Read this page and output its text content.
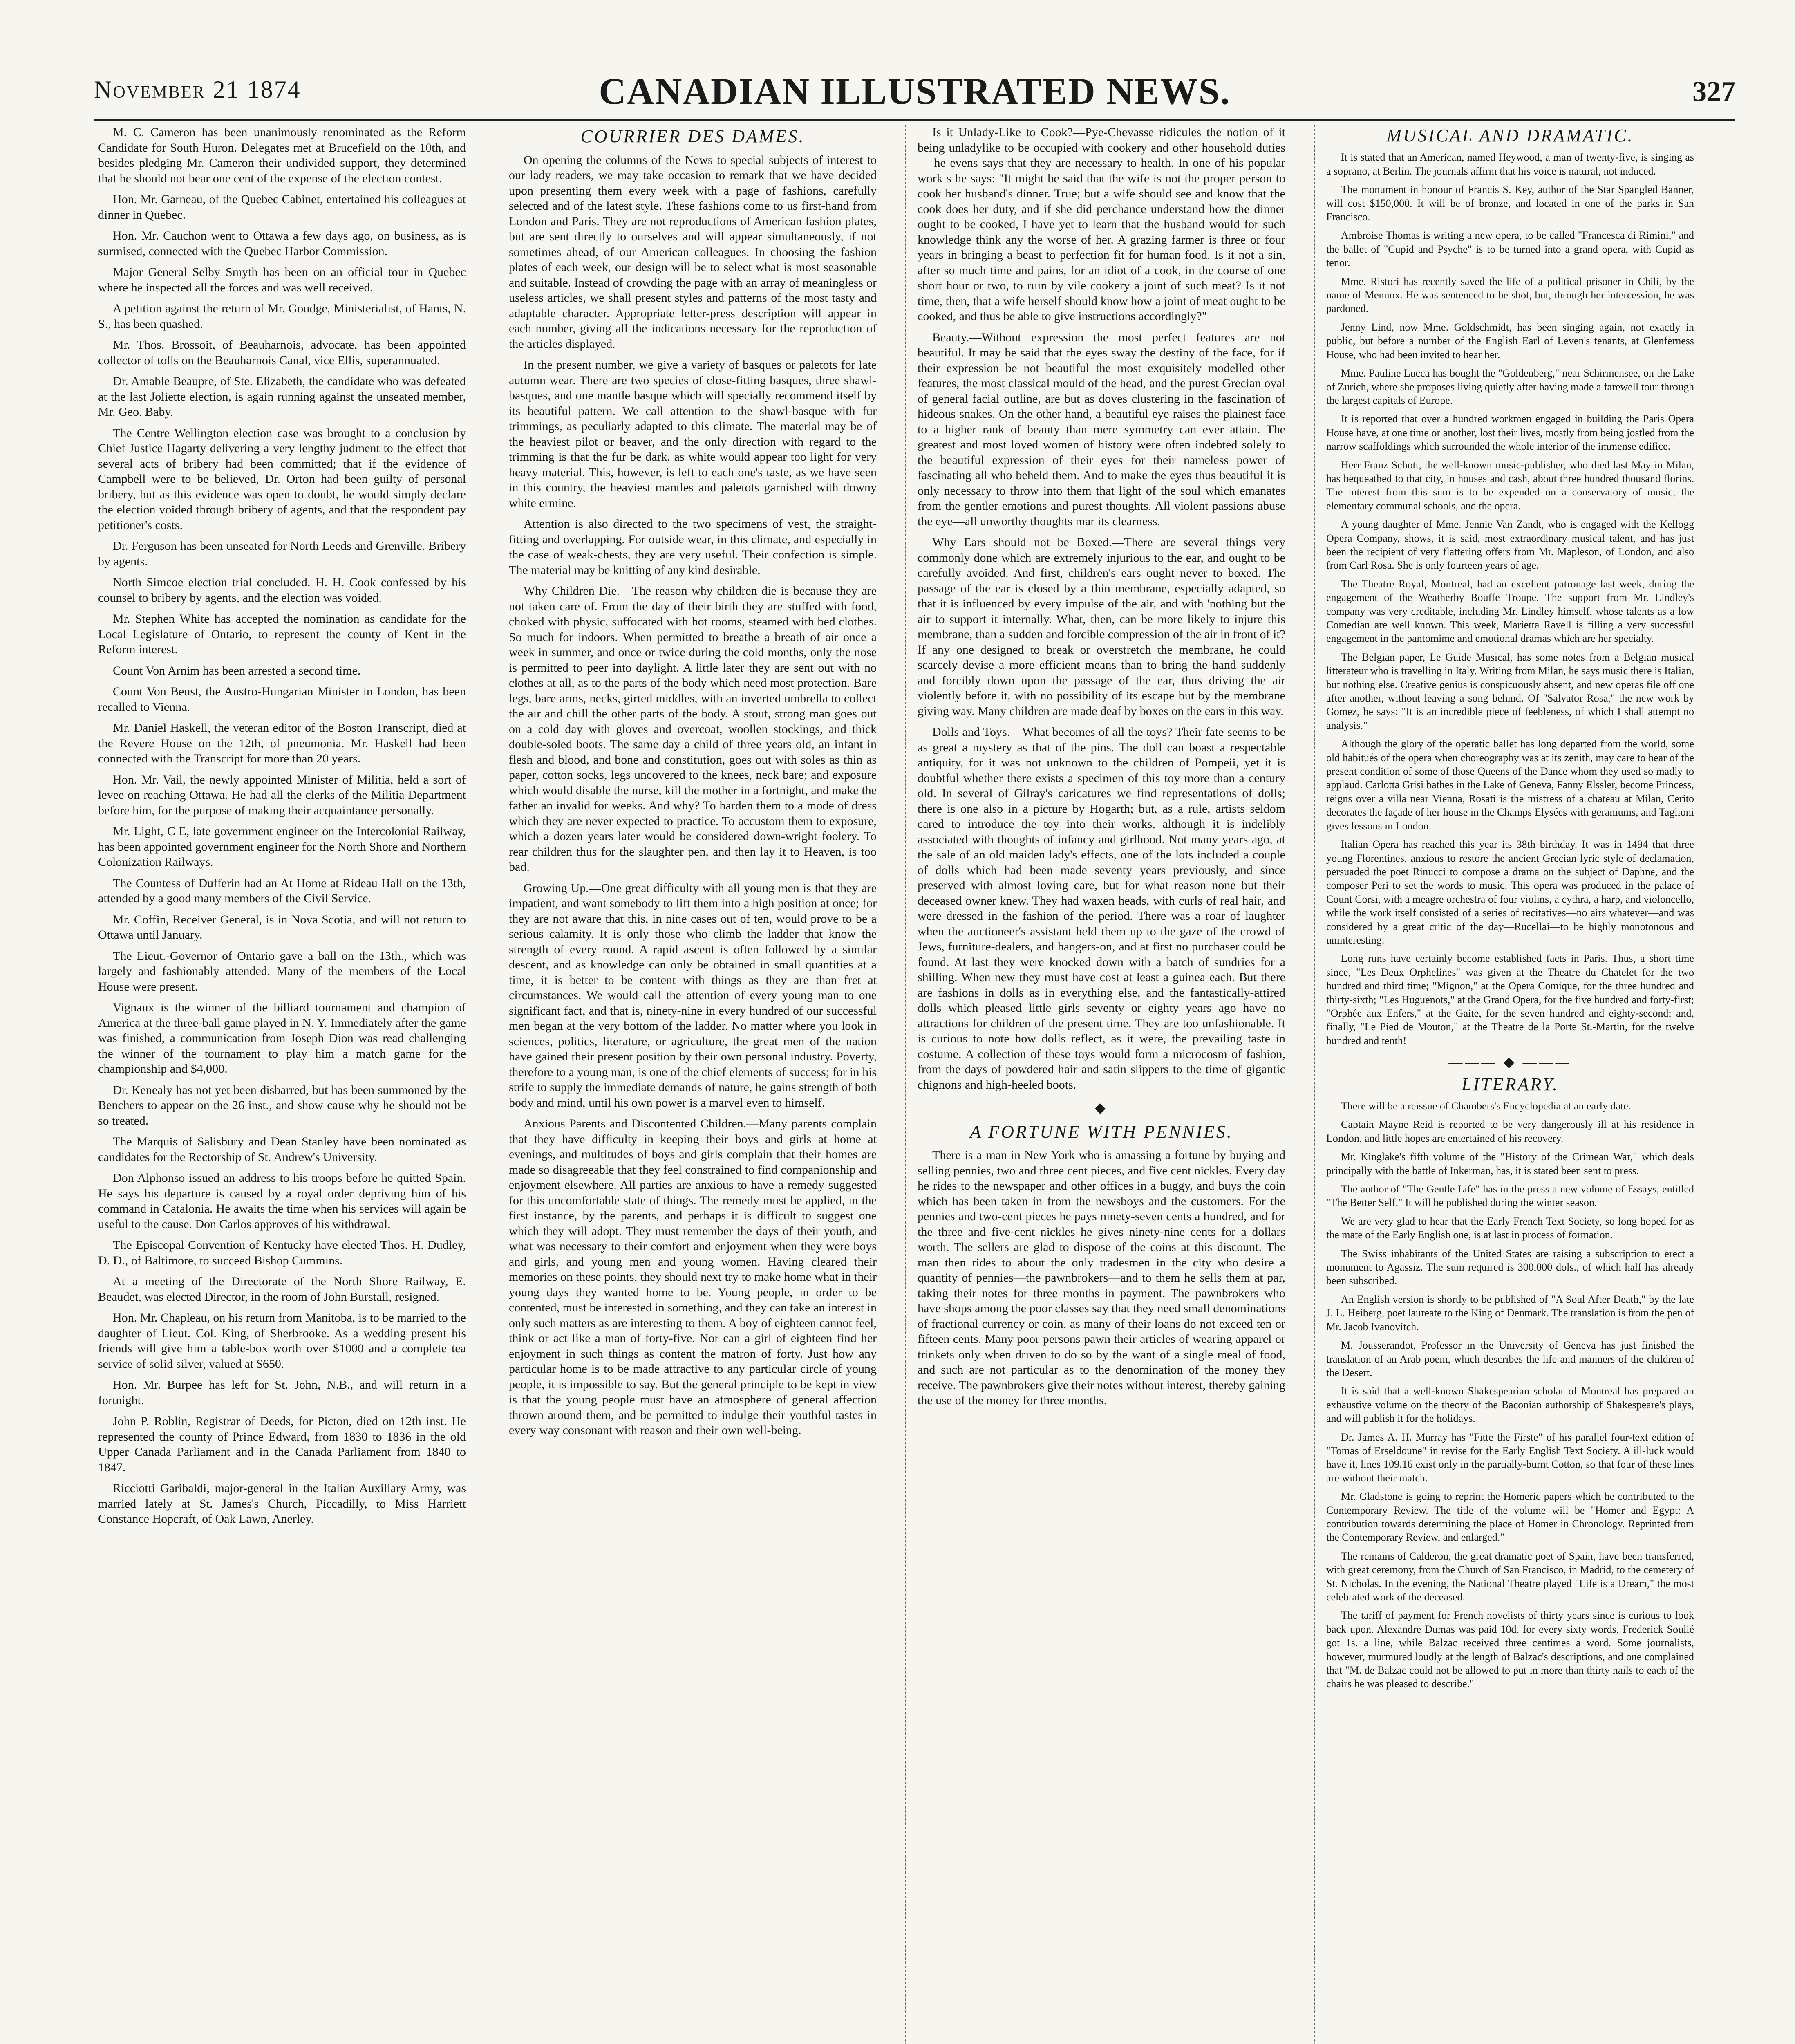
November 21 1874	CANADIAN ILLUSTRATED NEWS.	327

M. C. Cameron has been unanimously renominated as the Reform Candidate for South Huron. Delegates met at Brucefield on the 10th, and besides pledging Mr. Cameron their undivided support, they determined that he should not bear one cent of the expense of the election contest.

Hon. Mr. Garneau, of the Quebec Cabinet, entertained his colleagues at dinner in Quebec.

Hon. Mr. Cauchon went to Ottawa a few days ago, on business, as is surmised, connected with the Quebec Harbor Commission.

Major General Selby Smyth has been on an official tour in Quebec where he inspected all the forces and was well received.

A petition against the return of Mr. Goudge, Ministerialist, of Hants, N. S., has been quashed.

Mr. Thos. Brossoit, of Beauharnois, advocate, has been appointed collector of tolls on the Beauharnois Canal, vice Ellis, superannuated.

Dr. Amable Beaupre, of Ste. Elizabeth, the candidate who was defeated at the last Joliette election, is again running against the unseated member, Mr. Geo. Baby.

The Centre Wellington election case was brought to a conclusion by Chief Justice Hagarty delivering a very lengthy judment to the effect that several acts of bribery had been committed; that if the evidence of Campbell were to be believed, Dr. Orton had been guilty of personal bribery, but as this evidence was open to doubt, he would simply declare the election voided through bribery of agents, and that the respondent pay petitioner's costs.

Dr. Ferguson has been unseated for North Leeds and Grenville. Bribery by agents.

North Simcoe election trial concluded. H. H. Cook confessed by his counsel to bribery by agents, and the election was voided.

Mr. Stephen White has accepted the nomination as candidate for the Local Legislature of Ontario, to represent the county of Kent in the Reform interest.

Count Von Arnim has been arrested a second time.

Count Von Beust, the Austro-Hungarian Minister in London, has been recalled to Vienna.

Mr. Daniel Haskell, the veteran editor of the Boston Transcript, died at the Revere House on the 12th, of pneumonia. Mr. Haskell had been connected with the Transcript for more than 20 years.

Hon. Mr. Vail, the newly appointed Minister of Militia, held a sort of levee on reaching Ottawa. He had all the clerks of the Militia Department before him, for the purpose of making their acquaintance personally.

Mr. Light, C E, late government engineer on the Intercolonial Railway, has been appointed government engineer for the North Shore and Northern Colonization Railways.

The Countess of Dufferin had an At Home at Rideau Hall on the 13th, attended by a good many members of the Civil Service.

Mr. Coffin, Receiver General, is in Nova Scotia, and will not return to Ottawa until January.

The Lieut.-Governor of Ontario gave a ball on the 13th., which was largely and fashionably attended. Many of the members of the Local House were present.

Vignaux is the winner of the billiard tournament and champion of America at the three-ball game played in N. Y. Immediately after the game was finished, a communication from Joseph Dion was read challenging the winner of the tournament to play him a match game for the championship and $4,000.

Dr. Kenealy has not yet been disbarred, but has been summoned by the Benchers to appear on the 26 inst., and show cause why he should not be so treated.

The Marquis of Salisbury and Dean Stanley have been nominated as candidates for the Rectorship of St. Andrew's University.

Don Alphonso issued an address to his troops before he quitted Spain. He says his departure is caused by a royal order depriving him of his command in Catalonia. He awaits the time when his services will again be useful to the cause. Don Carlos approves of his withdrawal.

The Episcopal Convention of Kentucky have elected Thos. H. Dudley, D. D., of Baltimore, to succeed Bishop Cummins.

At a meeting of the Directorate of the North Shore Railway, E. Beaudet, was elected Director, in the room of John Burstall, resigned.

Hon. Mr. Chapleau, on his return from Manitoba, is to be married to the daughter of Lieut. Col. King, of Sherbrooke. As a wedding present his friends will give him a table-box worth over $1000 and a complete tea service of solid silver, valued at $650.

Hon. Mr. Burpee has left for St. John, N.B., and will return in a fortnight.

John P. Roblin, Registrar of Deeds, for Picton, died on 12th inst. He represented the county of Prince Edward, from 1830 to 1836 in the old Upper Canada Parliament and in the Canada Parliament from 1840 to 1847.

Ricciotti Garibaldi, major-general in the Italian Auxiliary Army, was married lately at St. James's Church, Piccadilly, to Miss Harriett Constance Hopcraft, of Oak Lawn, Anerley.

COURRIER DES DAMES.

On opening the columns of the News to special subjects of interest to our lady readers, we may take occasion to remark that we have decided upon presenting them every week with a page of fashions, carefully selected and of the latest style. These fashions come to us first-hand from London and Paris. They are not reproductions of American fashion plates, but are sent directly to ourselves and will appear simultaneously, if not sometimes ahead, of our American colleagues. In choosing the fashion plates of each week, our design will be to select what is most seasonable and suitable. Instead of crowding the page with an array of meaningless or useless articles, we shall present styles and patterns of the most tasty and adaptable character. Appropriate letter-press description will appear in each number, giving all the indications necessary for the reproduction of the articles displayed.

In the present number, we give a variety of basques or paletots for late autumn wear. There are two species of close-fitting basques, three shawl-basques, and one mantle basque which will specially recommend itself by its beautiful pattern. We call attention to the shawl-basque with fur trimmings, as peculiarly adapted to this climate. The material may be of the heaviest pilot or beaver, and the only direction with regard to the trimming is that the fur be dark, as white would appear too light for very heavy material. This, however, is left to each one's taste, as we have seen in this country, the heaviest mantles and paletots garnished with downy white ermine.

Attention is also directed to the two specimens of vest, the straight-fitting and overlapping. For outside wear, in this climate, and especially in the case of weak-chests, they are very useful. Their confection is simple. The material may be knitting of any kind desirable.

Why Children Die.—The reason why children die is because they are not taken care of. From the day of their birth they are stuffed with food, choked with physic, suffocated with hot rooms, steamed with bed clothes. So much for indoors. When permitted to breathe a breath of air once a week in summer, and once or twice during the cold months, only the nose is permitted to peer into daylight. A little later they are sent out with no clothes at all, as to the parts of the body which need most protection. Bare legs, bare arms, necks, girted middles, with an inverted umbrella to collect the air and chill the other parts of the body. A stout, strong man goes out on a cold day with gloves and overcoat, woollen stockings, and thick double-soled boots. The same day a child of three years old, an infant in flesh and blood, and bone and constitution, goes out with soles as thin as paper, cotton socks, legs uncovered to the knees, neck bare; and exposure which would disable the nurse, kill the mother in a fortnight, and make the father an invalid for weeks. And why? To harden them to a mode of dress which they are never expected to practice. To accustom them to exposure, which a dozen years later would be considered down-wright foolery. To rear children thus for the slaughter pen, and then lay it to Heaven, is too bad.

Growing Up.—One great difficulty with all young men is that they are impatient, and want somebody to lift them into a high position at once; for they are not aware that this, in nine cases out of ten, would prove to be a serious calamity. It is only those who climb the ladder that know the strength of every round. A rapid ascent is often followed by a similar descent, and as knowledge can only be obtained in small quantities at a time, it is better to be content with things as they are than fret at circumstances. We would call the attention of every young man to one significant fact, and that is, ninety-nine in every hundred of our successful men began at the very bottom of the ladder. No matter where you look in sciences, politics, literature, or agriculture, the great men of the nation have gained their present position by their own personal industry. Poverty, therefore to a young man, is one of the chief elements of success; for in his strife to supply the immediate demands of nature, he gains strength of both body and mind, until his own power is a marvel even to himself.

Anxious Parents and Discontented Children.—Many parents complain that they have difficulty in keeping their boys and girls at home at evenings, and multitudes of boys and girls complain that their homes are made so disagreeable that they feel constrained to find companionship and enjoyment elsewhere. All parties are anxious to have a remedy suggested for this uncomfortable state of things. The remedy must be applied, in the first instance, by the parents, and perhaps it is difficult to suggest one which they will adopt. They must remember the days of their youth, and what was necessary to their comfort and enjoyment when they were boys and girls, and young men and young women. Having cleared their memories on these points, they should next try to make home what in their young days they wanted home to be. Young people, in order to be contented, must be interested in something, and they can take an interest in only such matters as are interesting to them. A boy of eighteen cannot feel, think or act like a man of forty-five. Nor can a girl of eighteen find her enjoyment in such things as content the matron of forty. Just how any particular home is to be made attractive to any particular circle of young people, it is impossible to say. But the general principle to be kept in view is that the young people must have an atmosphere of general affection thrown around them, and be permitted to indulge their youthful tastes in every way consonant with reason and their own well-being.

Is it Unlady-Like to Cook?—Pye-Chevasse ridicules the notion of it being unladylike to be occupied with cookery and other household duties — he evens says that they are necessary to health. In one of his popular work s he says: "It might be said that the wife is not the proper person to cook her husband's dinner. True; but a wife should see and know that the cook does her duty, and if she did perchance understand how the dinner ought to be cooked, I have yet to learn that the husband would for such knowledge think any the worse of her. A grazing farmer is three or four years in bringing a beast to perfection fit for human food. Is it not a sin, after so much time and pains, for an idiot of a cook, in the course of one short hour or two, to ruin by vile cookery a joint of such meat? Is it not time, then, that a wife herself should know how a joint of meat ought to be cooked, and thus be able to give instructions accordingly?"

Beauty.—Without expression the most perfect features are not beautiful. It may be said that the eyes sway the destiny of the face, for if their expression be not beautiful the most exquisitely modelled other features, the most classical mould of the head, and the purest Grecian oval of general facial outline, are but as doves clustering in the fascination of hideous snakes. On the other hand, a beautiful eye raises the plainest face to a higher rank of beauty than mere symmetry can ever attain. The greatest and most loved women of history were often indebted solely to the beautiful expression of their eyes for their nameless power of fascinating all who beheld them. And to make the eyes thus beautiful it is only necessary to throw into them that light of the soul which emanates from the gentler emotions and purest thoughts. All violent passions abuse the eye—all unworthy thoughts mar its clearness.

Why Ears should not be Boxed.—There are several things very commonly done which are extremely injurious to the ear, and ought to be carefully avoided. And first, children's ears ought never to boxed. The passage of the ear is closed by a thin membrane, especially adapted, so that it is influenced by every impulse of the air, and with 'nothing but the air to support it internally. What, then, can be more likely to injure this membrane, than a sudden and forcible compression of the air in front of it? If any one designed to break or overstretch the membrane, he could scarcely devise a more efficient means than to bring the hand suddenly and forcibly down upon the passage of the ear, thus driving the air violently before it, with no possibility of its escape but by the membrane giving way. Many children are made deaf by boxes on the ears in this way.

Dolls and Toys.—What becomes of all the toys? Their fate seems to be as great a mystery as that of the pins. The doll can boast a respectable antiquity, for it was not unknown to the children of Pompeii, yet it is doubtful whether there exists a specimen of this toy more than a century old. In several of Gilray's caricatures we find representations of dolls; there is one also in a picture by Hogarth; but, as a rule, artists seldom cared to introduce the toy into their works, although it is indelibly associated with thoughts of infancy and girlhood. Not many years ago, at the sale of an old maiden lady's effects, one of the lots included a couple of dolls which had been made seventy years previously, and since preserved with almost loving care, but for what reason none but their deceased owner knew. They had waxen heads, with curls of real hair, and were dressed in the fashion of the period. There was a roar of laughter when the auctioneer's assistant held them up to the gaze of the crowd of Jews, furniture-dealers, and hangers-on, and at first no purchaser could be found. At last they were knocked down with a batch of sundries for a shilling. When new they must have cost at least a guinea each. But there are fashions in dolls as in everything else, and the fantastically-attired dolls which pleased little girls seventy or eighty years ago have no attractions for children of the present time. They are too unfashionable. It is curious to note how dolls reflect, as it were, the prevailing taste in costume. A collection of these toys would form a microcosm of fashion, from the days of powdered hair and satin slippers to the time of gigantic chignons and high-heeled boots.

— ◆ —
A FORTUNE WITH PENNIES.

There is a man in New York who is amassing a fortune by buying and selling pennies, two and three cent pieces, and five cent nickles. Every day he rides to the newspaper and other offices in a buggy, and buys the coin which has been taken in from the newsboys and the customers. For the pennies and two-cent pieces he pays ninety-seven cents a hundred, and for the three and five-cent nickles he gives ninety-nine cents for a dollars worth. The sellers are glad to dispose of the coins at this discount. The man then rides to about the only tradesmen in the city who desire a quantity of pennies—the pawnbrokers—and to them he sells them at par, taking their notes for three months in payment. The pawnbrokers who have shops among the poor classes say that they need small denominations of fractional currency or coin, as many of their loans do not exceed ten or fifteen cents. Many poor persons pawn their articles of wearing apparel or trinkets only when driven to do so by the want of a single meal of food, and such are not particular as to the denomination of the money they receive. The pawnbrokers give their notes without interest, thereby gaining the use of the money for three months.

MUSICAL AND DRAMATIC.

It is stated that an American, named Heywood, a man of twenty-five, is singing as a soprano, at Berlin. The journals affirm that his voice is natural, not induced.

The monument in honour of Francis S. Key, author of the Star Spangled Banner, will cost $150,000. It will be of bronze, and located in one of the parks in San Francisco.

Ambroise Thomas is writing a new opera, to be called "Francesca di Rimini," and the ballet of "Cupid and Psyche" is to be turned into a grand opera, with Cupid as tenor.

Mme. Ristori has recently saved the life of a political prisoner in Chili, by the name of Mennox. He was sentenced to be shot, but, through her intercession, he was pardoned.

Jenny Lind, now Mme. Goldschmidt, has been singing again, not exactly in public, but before a number of the English Earl of Leven's tenants, at Glenferness House, who had been invited to hear her.

Mme. Pauline Lucca has bought the "Goldenberg," near Schirmensee, on the Lake of Zurich, where she proposes living quietly after having made a farewell tour through the largest capitals of Europe.

It is reported that over a hundred workmen engaged in building the Paris Opera House have, at one time or another, lost their lives, mostly from being jostled from the narrow scaffoldings which surrounded the whole interior of the immense edifice.

Herr Franz Schott, the well-known music-publisher, who died last May in Milan, has bequeathed to that city, in houses and cash, about three hundred thousand florins. The interest from this sum is to be expended on a conservatory of music, the elementary communal schools, and the opera.

A young daughter of Mme. Jennie Van Zandt, who is engaged with the Kellogg Opera Company, shows, it is said, most extraordinary musical talent, and has just been the recipient of very flattering offers from Mr. Mapleson, of London, and also from Carl Rosa. She is only fourteen years of age.

The Theatre Royal, Montreal, had an excellent patronage last week, during the engagement of the Weatherby Bouffe Troupe. The support from Mr. Lindley's company was very creditable, including Mr. Lindley himself, whose talents as a low Comedian are well known. This week, Marietta Ravell is filling a very successful engagement in the pantomime and emotional dramas which are her specialty.

The Belgian paper, Le Guide Musical, has some notes from a Belgian musical litterateur who is travelling in Italy. Writing from Milan, he says music there is Italian, but nothing else. Creative genius is conspicuously absent, and new operas file off one after another, without leaving a song behind. Of "Salvator Rosa," the new work by Gomez, he says: "It is an incredible piece of feebleness, of which I shall attempt no analysis."

Although the glory of the operatic ballet has long departed from the world, some old habitués of the opera when choreography was at its zenith, may care to hear of the present condition of some of those Queens of the Dance whom they used so madly to applaud. Carlotta Grisi bathes in the Lake of Geneva, Fanny Elssler, become Princess, reigns over a villa near Vienna, Rosati is the mistress of a chateau at Milan, Cerito decorates the façade of her house in the Champs Elysées with geraniums, and Taglioni gives lessons in London.

Italian Opera has reached this year its 38th birthday. It was in 1494 that three young Florentines, anxious to restore the ancient Grecian lyric style of declamation, persuaded the poet Rinucci to compose a drama on the subject of Daphne, and the composer Peri to set the words to music. This opera was produced in the palace of Count Corsi, with a meagre orchestra of four violins, a cythra, a harp, and violoncello, while the work itself consisted of a series of recitatives—no airs whatever—and was considered by a great critic of the day—Rucellai—to be highly monotonous and uninteresting.

Long runs have certainly become established facts in Paris. Thus, a short time since, "Les Deux Orphelines" was given at the Theatre du Chatelet for the two hundred and third time; "Mignon," at the Opera Comique, for the three hundred and thirty-sixth; "Les Huguenots," at the Grand Opera, for the five hundred and forty-first; "Orphée aux Enfers," at the Gaite, for the seven hundred and eighty-second; and, finally, "Le Pied de Mouton," at the Theatre de la Porte St.-Martin, for the twelve hundred and tenth!

——— ◆ ———
LITERARY.

There will be a reissue of Chambers's Encyclopedia at an early date.

Captain Mayne Reid is reported to be very dangerously ill at his residence in London, and little hopes are entertained of his recovery.

Mr. Kinglake's fifth volume of the "History of the Crimean War," which deals principally with the battle of Inkerman, has, it is stated been sent to press.

The author of "The Gentle Life" has in the press a new volume of Essays, entitled "The Better Self." It will be published during the winter season.

We are very glad to hear that the Early French Text Society, so long hoped for as the mate of the Early English one, is at last in process of formation.

The Swiss inhabitants of the United States are raising a subscription to erect a monument to Agassiz. The sum required is 300,000 dols., of which half has already been subscribed.

An English version is shortly to be published of "A Soul After Death," by the late J. L. Heiberg, poet laureate to the King of Denmark. The translation is from the pen of Mr. Jacob Ivanovitch.

M. Jousserandot, Professor in the University of Geneva has just finished the translation of an Arab poem, which describes the life and manners of the children of the Desert.

It is said that a well-known Shakespearian scholar of Montreal has prepared an exhaustive volume on the theory of the Baconian authorship of Shakespeare's plays, and will publish it for the holidays.

Dr. James A. H. Murray has "Fitte the Firste" of his parallel four-text edition of "Tomas of Erseldoune" in revise for the Early English Text Society. A ill-luck would have it, lines 109.16 exist only in the partially-burnt Cotton, so that four of these lines are without their match.

Mr. Gladstone is going to reprint the Homeric papers which he contributed to the Contemporary Review. The title of the volume will be "Homer and Egypt: A contribution towards determining the place of Homer in Chronology. Reprinted from the Contemporary Review, and enlarged."

The remains of Calderon, the great dramatic poet of Spain, have been transferred, with great ceremony, from the Church of San Francisco, in Madrid, to the cemetery of St. Nicholas. In the evening, the National Theatre played "Life is a Dream," the most celebrated work of the deceased.

The tariff of payment for French novelists of thirty years since is curious to look back upon. Alexandre Dumas was paid 10d. for every sixty words, Frederick Soulié got 1s. a line, while Balzac received three centimes a word. Some journalists, however, murmured loudly at the length of Balzac's descriptions, and one complained that "M. de Balzac could not be allowed to put in more than thirty nails to each of the chairs he was pleased to describe."
